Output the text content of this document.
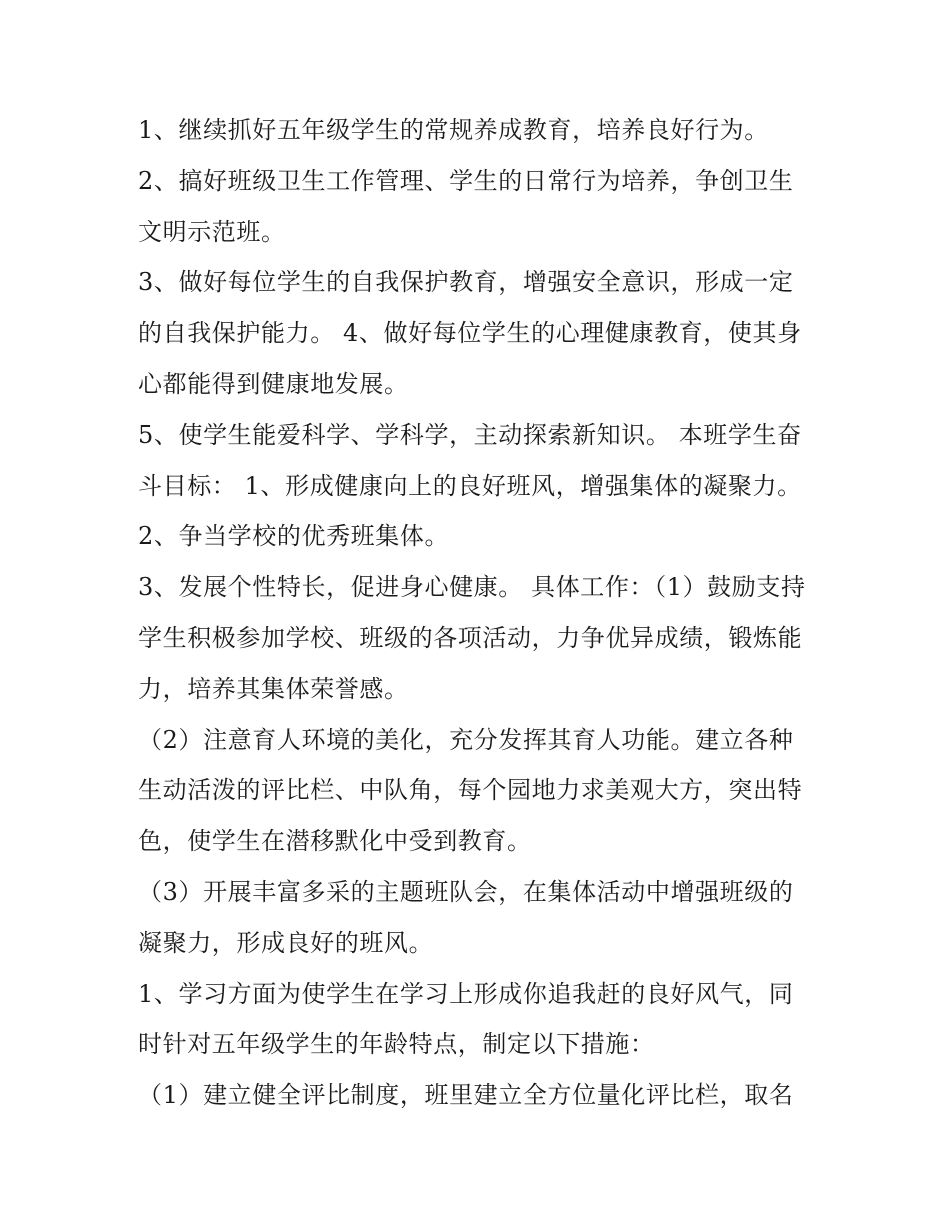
1、继续抓好五年级学生的常规养成教育，培养良好行为。

2、搞好班级卫生工作管理、学生的日常行为培养，争创卫生文明示范班。

3、做好每位学生的自我保护教育，增强安全意识，形成一定的自我保护能力。 4、做好每位学生的心理健康教育，使其身心都能得到健康地发展。

5、使学生能爱科学、学科学，主动探索新知识。 本班学生奋斗目标： 1、形成健康向上的良好班风，增强集体的凝聚力。

2、争当学校的优秀班集体。

3、发展个性特长，促进身心健康。 具体工作：（1）鼓励支持学生积极参加学校、班级的各项活动，力争优异成绩，锻炼能力，培养其集体荣誉感。

（2）注意育人环境的美化，充分发挥其育人功能。建立各种生动活泼的评比栏、中队角，每个园地力求美观大方，突出特色，使学生在潜移默化中受到教育。

（3）开展丰富多采的主题班队会，在集体活动中增强班级的凝聚力，形成良好的班风。

1、学习方面为使学生在学习上形成你追我赶的良好风气，同时针对五年级学生的年龄特点，制定以下措施：

（1）建立健全评比制度，班里建立全方位量化评比栏，取名
